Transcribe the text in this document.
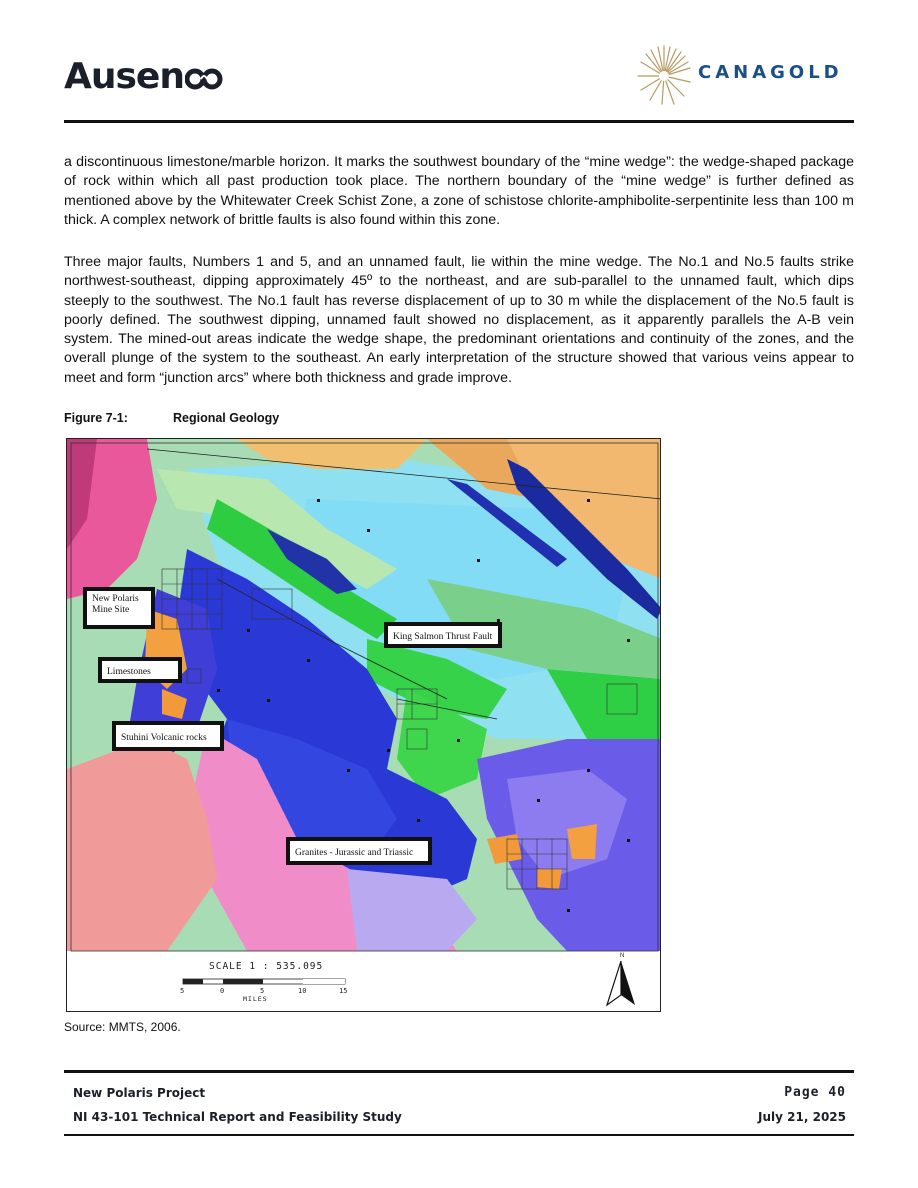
Ausen	CANAGOLD

a discontinuous limestone/marble horizon. It marks the southwest boundary of the “mine wedge”: the wedge-shaped package of rock within which all past production took place. The northern boundary of the “mine wedge” is further defined as mentioned above by the Whitewater Creek Schist Zone, a zone of schistose chlorite-amphibolite-serpentinite less than 100 m thick. A complex network of brittle faults is also found within this zone.

Three major faults, Numbers 1 and 5, and an unnamed fault, lie within the mine wedge. The No.1 and No.5 faults strike northwest-southeast, dipping approximately 45º to the northeast, and are sub-parallel to the unnamed fault, which dips steeply to the southwest. The No.1 fault has reverse displacement of up to 30 m while the displacement of the No.5 fault is poorly defined. The southwest dipping, unnamed fault showed no displacement, as it apparently parallels the A-B vein system. The mined-out areas indicate the wedge shape, the predominant orientations and continuity of the zones, and the overall plunge of the system to the southeast. An early interpretation of the structure showed that various veins appear to meet and form “junction arcs” where both thickness and grade improve.

Figure 7-1:	Regional Geology
New Polaris Mine Site
Limestones
Stuhini Volcanic rocks
King Salmon Thrust Fault
Granites - Jurassic and Triassic
SCALE 1 : 535.095
5	0	5	10	15
MILES
N
Source: MMTS, 2006.
New Polaris Project
NI 43-101 Technical Report and Feasibility Study
Page 40
July 21, 2025
